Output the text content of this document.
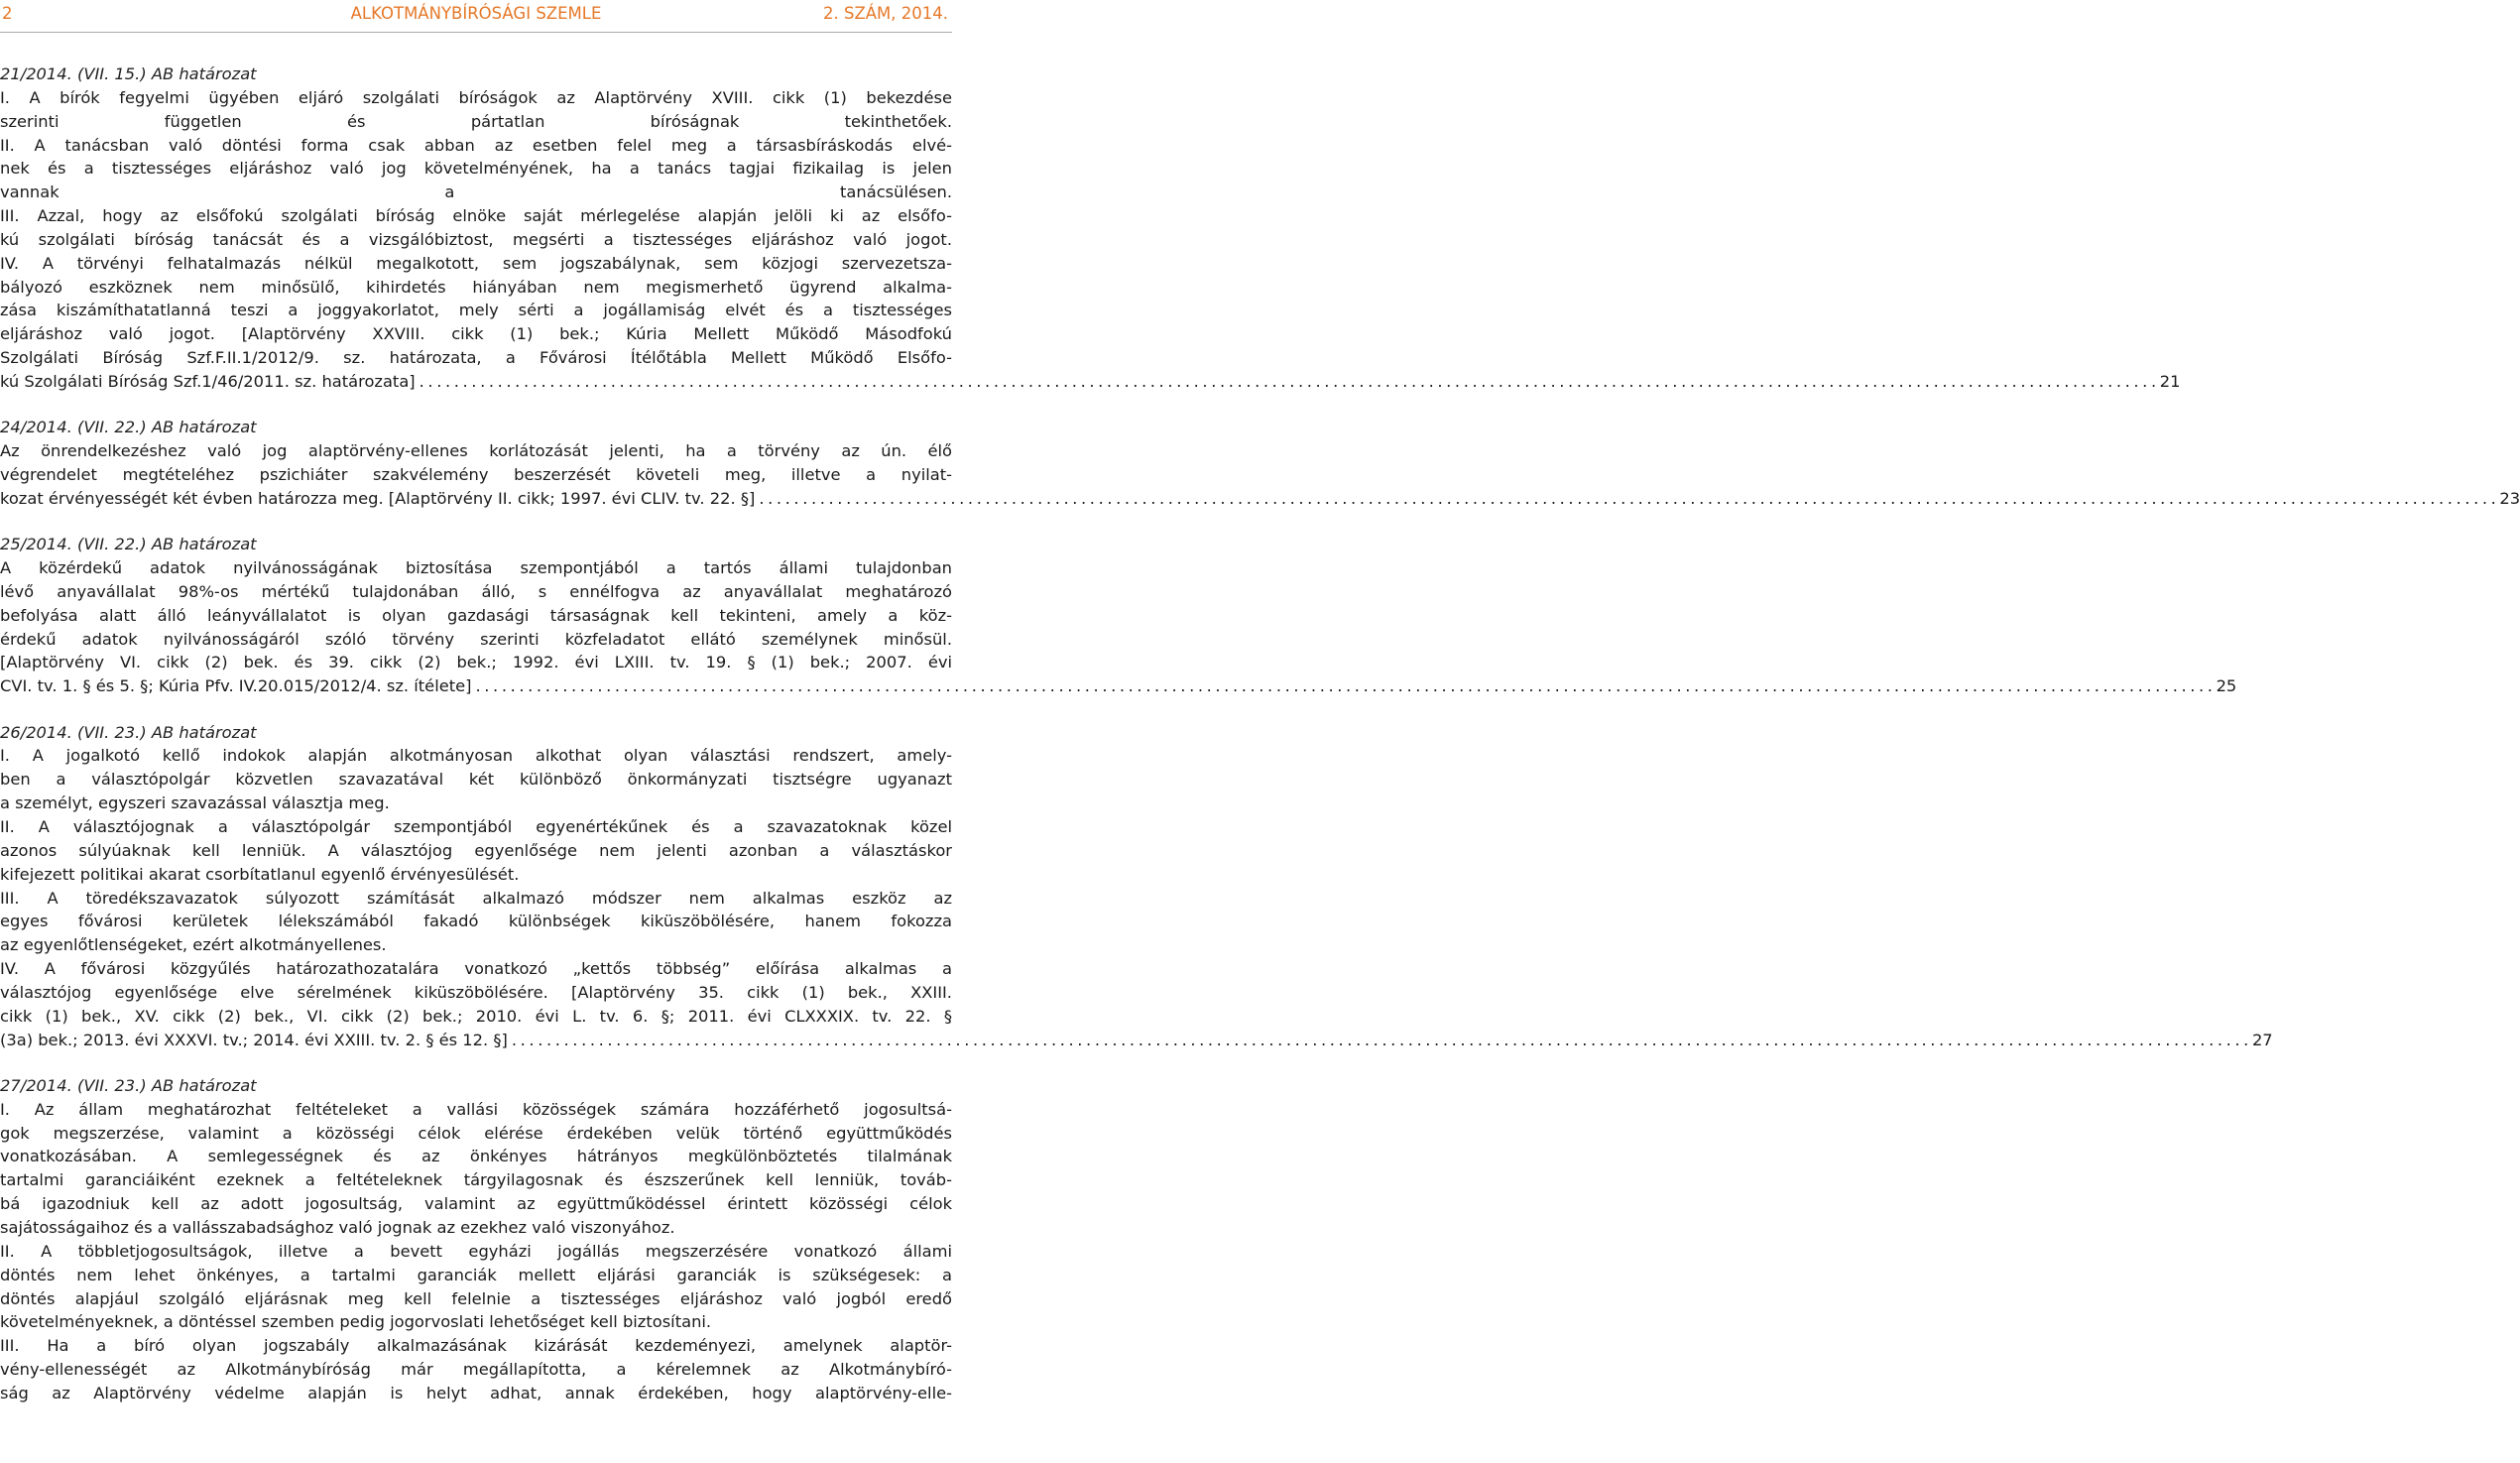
2	ALKOTMÁNYBÍRÓSÁGI SZEMLE	2. SZÁM, 2014.
21/2014. (VII. 15.) AB határozat
I. A bírók fegyelmi ügyében eljáró szolgálati bíróságok az Alaptörvény XVIII. cikk (1) bekezdése
szerinti független és pártatlan bíróságnak tekinthetőek.
II. A tanácsban való döntési forma csak abban az esetben felel meg a társasbíráskodás elvé-
nek és a tisztességes eljáráshoz való jog követelményének, ha a tanács tagjai fizikailag is jelen
vannak a tanácsülésen.
III. Azzal, hogy az elsőfokú szolgálati bíróság elnöke saját mérlegelése alapján jelöli ki az elsőfo-
kú szolgálati bíróság tanácsát és a vizsgálóbiztost, megsérti a tisztességes eljáráshoz való jogot.
IV. A törvényi felhatalmazás nélkül megalkotott, sem jogszabálynak, sem közjogi szervezetsza-
bályozó eszköznek nem minősülő, kihirdetés hiányában nem megismerhető ügyrend alkalma-
zása kiszámíthatatlanná teszi a joggyakorlatot, mely sérti a jogállamiság elvét és a tisztességes
eljáráshoz való jogot. [Alaptörvény XXVIII. cikk (1) bek.; Kúria Mellett Működő Másodfokú
Szolgálati Bíróság Szf.F.II.1/2012/9. sz. határozata, a Fővárosi Ítélőtábla Mellett Működő Elsőfo-
kú Szolgálati Bíróság Szf.1/46/2011. sz. határozata] ........................................................................................................................................................................................................ 21
24/2014. (VII. 22.) AB határozat
Az önrendelkezéshez való jog alaptörvény-ellenes korlátozását jelenti, ha a törvény az ún. élő
végrendelet megtételéhez pszichiáter szakvélemény beszerzését követeli meg, illetve a nyilat-
kozat érvényességét két évben határozza meg. [Alaptörvény II. cikk; 1997. évi CLIV. tv. 22. §] ........................................................................................................................................................................................................ 23
25/2014. (VII. 22.) AB határozat
A közérdekű adatok nyilvánosságának biztosítása szempontjából a tartós állami tulajdonban
lévő anyavállalat 98%-os mértékű tulajdonában álló, s ennélfogva az anyavállalat meghatározó
befolyása alatt álló leányvállalatot is olyan gazdasági társaságnak kell tekinteni, amely a köz-
érdekű adatok nyilvánosságáról szóló törvény szerinti közfeladatot ellátó személynek minősül.
[Alaptörvény VI. cikk (2) bek. és 39. cikk (2) bek.; 1992. évi LXIII. tv. 19. § (1) bek.; 2007. évi
CVI. tv. 1. § és 5. §; Kúria Pfv. IV.20.015/2012/4. sz. ítélete] ........................................................................................................................................................................................................ 25
26/2014. (VII. 23.) AB határozat
I. A jogalkotó kellő indokok alapján alkotmányosan alkothat olyan választási rendszert, amely-
ben a választópolgár közvetlen szavazatával két különböző önkormányzati tisztségre ugyanazt
a személyt, egyszeri szavazással választja meg.
II. A választójognak a választópolgár szempontjából egyenértékűnek és a szavazatoknak közel
azonos súlyúaknak kell lenniük. A választójog egyenlősége nem jelenti azonban a választáskor
kifejezett politikai akarat csorbítatlanul egyenlő érvényesülését.
III. A töredékszavazatok súlyozott számítását alkalmazó módszer nem alkalmas eszköz az
egyes fővárosi kerületek lélekszámából fakadó különbségek kiküszöbölésére, hanem fokozza
az egyenlőtlenségeket, ezért alkotmányellenes.
IV. A fővárosi közgyűlés határozathozatalára vonatkozó „kettős többség” előírása alkalmas a
választójog egyenlősége elve sérelmének kiküszöbölésére. [Alaptörvény 35. cikk (1) bek., XXIII.
cikk (1) bek., XV. cikk (2) bek., VI. cikk (2) bek.; 2010. évi L. tv. 6. §; 2011. évi CLXXXIX. tv. 22. §
(3a) bek.; 2013. évi XXXVI. tv.; 2014. évi XXIII. tv. 2. § és 12. §] ........................................................................................................................................................................................................ 27
27/2014. (VII. 23.) AB határozat
I. Az állam meghatározhat feltételeket a vallási közösségek számára hozzáférhető jogosultsá-
gok megszerzése, valamint a közösségi célok elérése érdekében velük történő együttműködés
vonatkozásában. A semlegességnek és az önkényes hátrányos megkülönböztetés tilalmának
tartalmi garanciáiként ezeknek a feltételeknek tárgyilagosnak és észszerűnek kell lenniük, továb-
bá igazodniuk kell az adott jogosultság, valamint az együttműködéssel érintett közösségi célok
sajátosságaihoz és a vallásszabadsághoz való jognak az ezekhez való viszonyához.
II. A többletjogosultságok, illetve a bevett egyházi jogállás megszerzésére vonatkozó állami
döntés nem lehet önkényes, a tartalmi garanciák mellett eljárási garanciák is szükségesek: a
döntés alapjául szolgáló eljárásnak meg kell felelnie a tisztességes eljáráshoz való jogból eredő
követelményeknek, a döntéssel szemben pedig jogorvoslati lehetőséget kell biztosítani.
III. Ha a bíró olyan jogszabály alkalmazásának kizárását kezdeményezi, amelynek alaptör-
vény-ellenességét az Alkotmánybíróság már megállapította, a kérelemnek az Alkotmánybíró-
ság az Alaptörvény védelme alapján is helyt adhat, annak érdekében, hogy alaptörvény-elle-
